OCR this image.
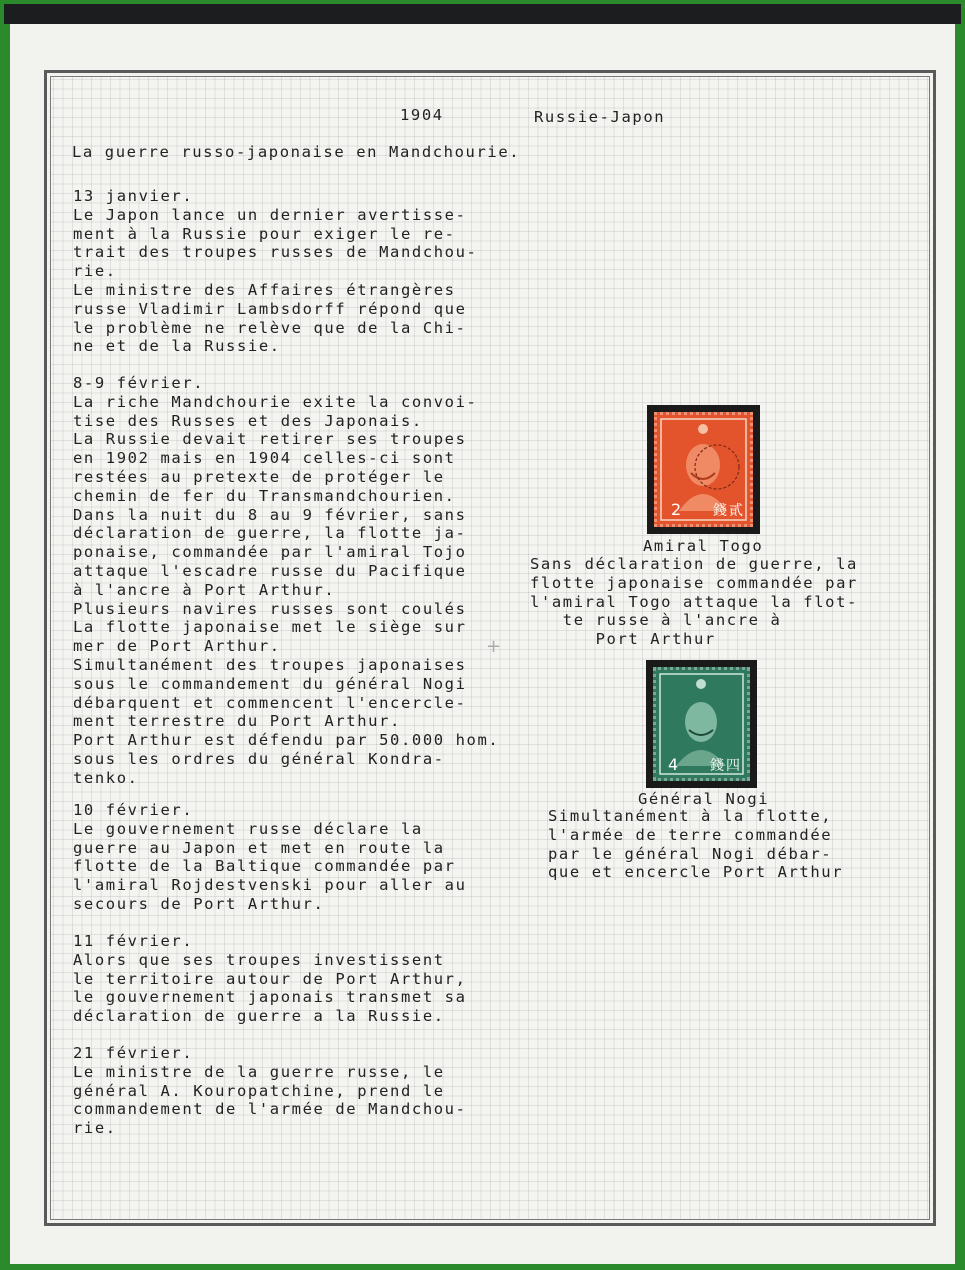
+
1904	Russie-Japon
La guerre russo-japonaise en Mandchourie.
13 janvier.
Le Japon lance un dernier avertisse-
ment à la Russie pour exiger le re-
trait des troupes russes de Mandchou-
rie.
Le ministre des Affaires étrangères
russe Vladimir Lambsdorff répond que
le problème ne relève que de la Chi-
ne et de la Russie.
8-9 février.
La riche Mandchourie exite la convoi-
tise des Russes et des Japonais.
La Russie devait retirer ses troupes
en 1902 mais en 1904 celles-ci sont
restées au pretexte de protéger le
chemin de fer du Transmandchourien.
Dans la nuit du 8 au 9 février, sans
déclaration de guerre, la flotte ja-
ponaise, commandée par l'amiral Tojo
attaque l'escadre russe du Pacifique
à l'ancre à Port Arthur.
Plusieurs navires russes sont coulés
La flotte japonaise met le siège sur
mer de Port Arthur.
Simultanément des troupes japonaises
sous le commandement du général Nogi
débarquent et commencent l'encercle-
ment terrestre du Port Arthur.
Port Arthur est défendu par 50.000 hom.
sous les ordres du général Kondra-
tenko.
10 février.
Le gouvernement russe déclare la
guerre au Japon et met en route la
flotte de la Baltique commandée par
l'amiral Rojdestvenski pour aller au
secours de Port Arthur.
11 février.
Alors que ses troupes investissent
le territoire autour de Port Arthur,
le gouvernement japonais transmet sa
déclaration de guerre a la Russie.
21 février.
Le ministre de la guerre russe, le
général A. Kouropatchine, prend le
commandement de l'armée de Mandchou-
rie.
2 錢 貳
Amiral Togo
Sans déclaration de guerre, la
flotte japonaise commandée par
l'amiral Togo attaque la flot-
te russe à l'ancre à
Port Arthur
4 錢 四
Général Nogi
Simultanément à la flotte,
l'armée de terre commandée
par le général Nogi débar-
que et encercle Port Arthur
